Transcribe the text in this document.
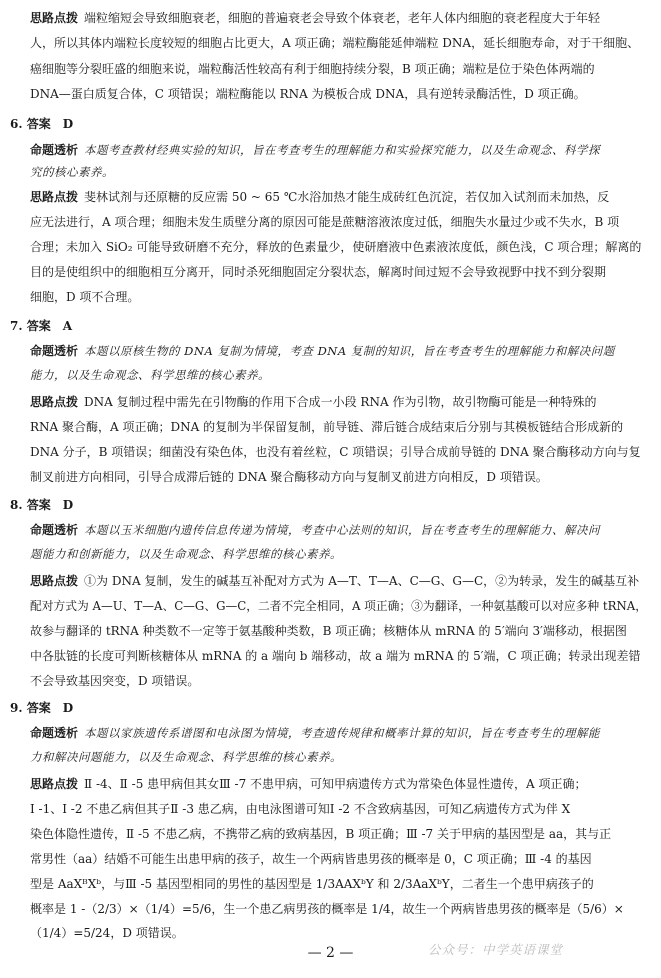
思路点拨 端粒缩短会导致细胞衰老，细胞的普遍衰老会导致个体衰老，老年人体内细胞的衰老程度大于年轻
人，所以其体内端粒长度较短的细胞占比更大，A 项正确；端粒酶能延伸端粒 DNA，延长细胞寿命，对于干细胞、
癌细胞等分裂旺盛的细胞来说，端粒酶活性较高有利于细胞持续分裂，B 项正确；端粒是位于染色体两端的
DNA—蛋白质复合体，C 项错误；端粒酶能以 RNA 为模板合成 DNA，具有逆转录酶活性，D 项正确。
6. 答案　D
命题透析 本题考查教材经典实验的知识，旨在考查考生的理解能力和实验探究能力，以及生命观念、科学探
究的核心素养。
思路点拨 斐林试剂与还原糖的反应需 50 ~ 65 ℃水浴加热才能生成砖红色沉淀，若仅加入试剂而未加热，反
应无法进行，A 项合理；细胞未发生质壁分离的原因可能是蔗糖溶液浓度过低，细胞失水量过少或不失水，B 项
合理；未加入 SiO₂ 可能导致研磨不充分，释放的色素量少，使研磨液中色素液浓度低，颜色浅，C 项合理；解离的
目的是使组织中的细胞相互分离开，同时杀死细胞固定分裂状态，解离时间过短不会导致视野中找不到分裂期
细胞，D 项不合理。
7. 答案　A
命题透析 本题以原核生物的 DNA 复制为情境，考查 DNA 复制的知识，旨在考查考生的理解能力和解决问题
能力，以及生命观念、科学思维的核心素养。
思路点拨 DNA 复制过程中需先在引物酶的作用下合成一小段 RNA 作为引物，故引物酶可能是一种特殊的
RNA 聚合酶，A 项正确；DNA 的复制为半保留复制，前导链、滞后链合成结束后分别与其模板链结合形成新的
DNA 分子，B 项错误；细菌没有染色体，也没有着丝粒，C 项错误；引导合成前导链的 DNA 聚合酶移动方向与复
制叉前进方向相同，引导合成滞后链的 DNA 聚合酶移动方向与复制叉前进方向相反，D 项错误。
8. 答案　D
命题透析 本题以玉米细胞内遗传信息传递为情境，考查中心法则的知识，旨在考查考生的理解能力、解决问
题能力和创新能力，以及生命观念、科学思维的核心素养。
思路点拨 ①为 DNA 复制，发生的碱基互补配对方式为 A—T、T—A、C—G、G—C，②为转录，发生的碱基互补
配对方式为 A—U、T—A、C—G、G—C，二者不完全相同，A 项正确；③为翻译，一种氨基酸可以对应多种 tRNA，
故参与翻译的 tRNA 种类数不一定等于氨基酸种类数，B 项正确；核糖体从 mRNA 的 5′端向 3′端移动，根据图
中各肽链的长度可判断核糖体从 mRNA 的 a 端向 b 端移动，故 a 端为 mRNA 的 5′端，C 项正确；转录出现差错
不会导致基因突变，D 项错误。
9. 答案　D
命题透析 本题以家族遗传系谱图和电泳图为情境，考查遗传规律和概率计算的知识，旨在考查考生的理解能
力和解决问题能力，以及生命观念、科学思维的核心素养。
思路点拨 Ⅱ -4、Ⅱ -5 患甲病但其女Ⅲ -7 不患甲病，可知甲病遗传方式为常染色体显性遗传，A 项正确；
Ⅰ -1、Ⅰ -2 不患乙病但其子Ⅱ -3 患乙病，由电泳图谱可知Ⅰ -2 不含致病基因，可知乙病遗传方式为伴 X
染色体隐性遗传，Ⅱ -5 不患乙病，不携带乙病的致病基因，B 项正确；Ⅲ -7 关于甲病的基因型是 aa，其与正
常男性（aa）结婚不可能生出患甲病的孩子，故生一个两病皆患男孩的概率是 0，C 项正确；Ⅲ -4 的基因
型是 AaXᴮXᵇ，与Ⅲ -5 基因型相同的男性的基因型是 1/3AAXᵇY 和 2/3AaXᵇY，二者生一个患甲病孩子的
概率是 1 -（2/3）×（1/4）=5/6，生一个患乙病男孩的概率是 1/4，故生一个两病皆患男孩的概率是（5/6）×
（1/4）=5/24，D 项错误。
— 2 —	公众号：中学英语课堂
